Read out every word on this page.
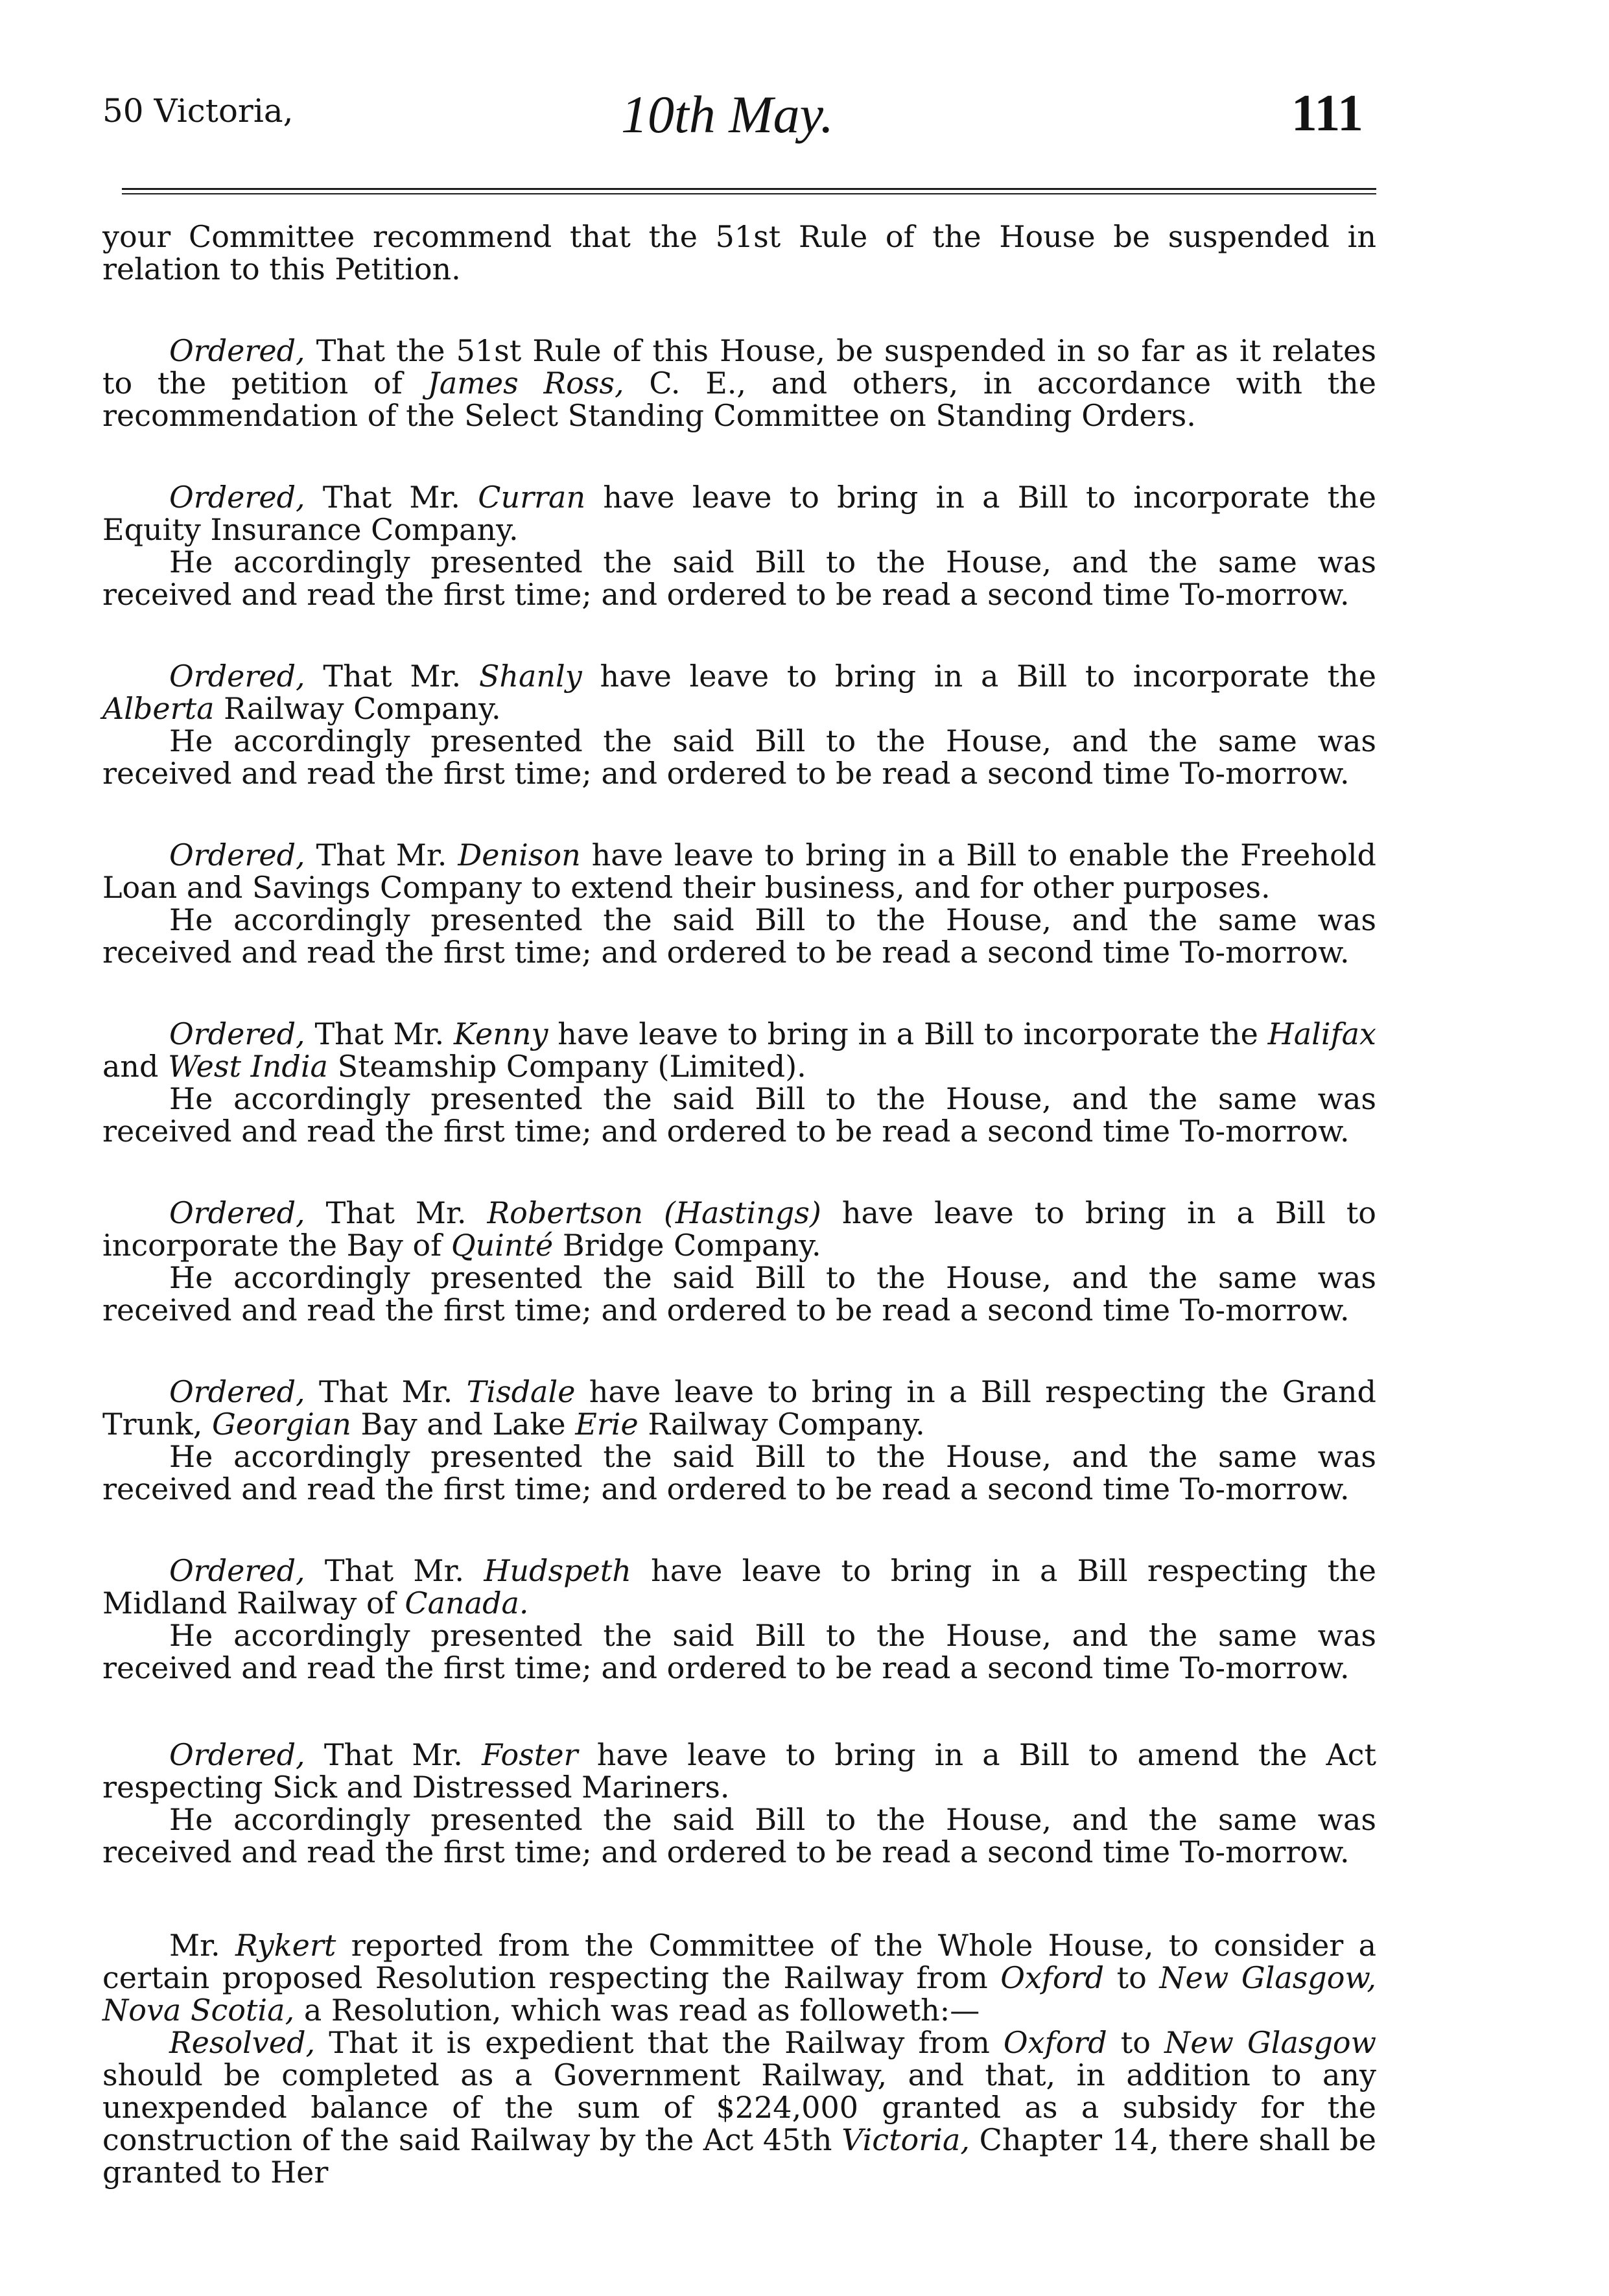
50 Victoria,	10th May.	111

your Committee recommend that the 51st Rule of the House be suspended in relation to this Petition.

Ordered, That the 51st Rule of this House, be suspended in so far as it relates to the petition of James Ross, C. E., and others, in accordance with the recommendation of the Select Standing Committee on Standing Orders.

Ordered, That Mr. Curran have leave to bring in a Bill to incorporate the Equity Insurance Company.

He accordingly presented the said Bill to the House, and the same was received and read the first time; and ordered to be read a second time To-morrow.

Ordered, That Mr. Shanly have leave to bring in a Bill to incorporate the Alberta Railway Company.

He accordingly presented the said Bill to the House, and the same was received and read the first time; and ordered to be read a second time To-morrow.

Ordered, That Mr. Denison have leave to bring in a Bill to enable the Freehold Loan and Savings Company to extend their business, and for other purposes.

He accordingly presented the said Bill to the House, and the same was received and read the first time; and ordered to be read a second time To-morrow.

Ordered, That Mr. Kenny have leave to bring in a Bill to incorporate the Halifax and West India Steamship Company (Limited).

He accordingly presented the said Bill to the House, and the same was received and read the first time; and ordered to be read a second time To-morrow.

Ordered, That Mr. Robertson (Hastings) have leave to bring in a Bill to incorporate the Bay of Quinté Bridge Company.

He accordingly presented the said Bill to the House, and the same was received and read the first time; and ordered to be read a second time To-morrow.

Ordered, That Mr. Tisdale have leave to bring in a Bill respecting the Grand Trunk, Georgian Bay and Lake Erie Railway Company.

He accordingly presented the said Bill to the House, and the same was received and read the first time; and ordered to be read a second time To-morrow.

Ordered, That Mr. Hudspeth have leave to bring in a Bill respecting the Midland Railway of Canada.

He accordingly presented the said Bill to the House, and the same was received and read the first time; and ordered to be read a second time To-morrow.

Ordered, That Mr. Foster have leave to bring in a Bill to amend the Act respecting Sick and Distressed Mariners.

He accordingly presented the said Bill to the House, and the same was received and read the first time; and ordered to be read a second time To-morrow.

Mr. Rykert reported from the Committee of the Whole House, to consider a certain proposed Resolution respecting the Railway from Oxford to New Glasgow, Nova Scotia, a Resolution, which was read as followeth:—

Resolved, That it is expedient that the Railway from Oxford to New Glasgow should be completed as a Government Railway, and that, in addition to any unexpended balance of the sum of $224,000 granted as a subsidy for the construction of the said Railway by the Act 45th Victoria, Chapter 14, there shall be granted to Her
